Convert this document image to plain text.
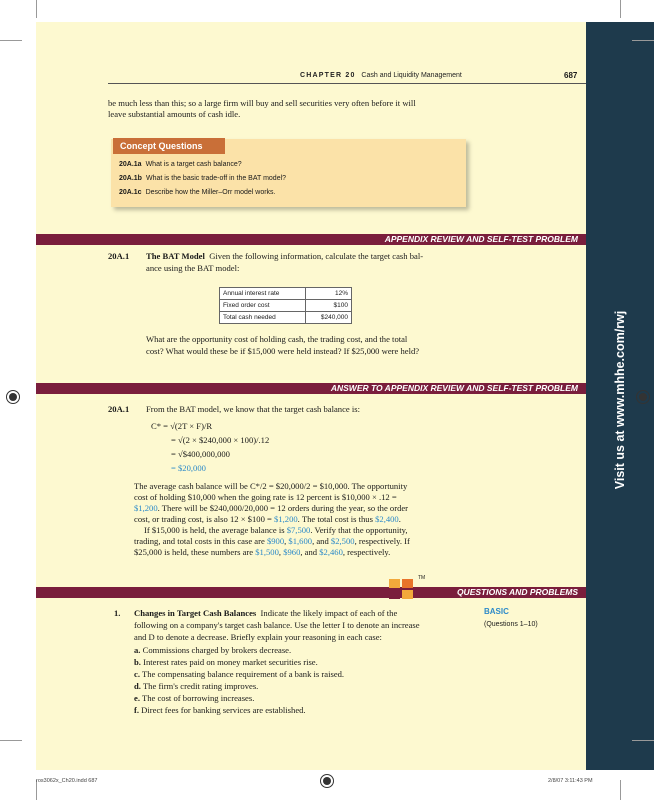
Visit us at www.mhhe.com/rwj
CHAPTER 20 Cash and Liquidity Management	687
be much less than this; so a large firm will buy and sell securities very often before it will
leave substantial amounts of cash idle.
Concept Questions
20A.1a What is a target cash balance?
20A.1b What is the basic trade-off in the BAT model?
20A.1c Describe how the Miller–Orr model works.
APPENDIX REVIEW AND SELF-TEST PROBLEM
20A.1 The BAT Model Given the following information, calculate the target cash bal-
ance using the BAT model:
Annual interest rate	12%
Fixed order cost	$100
Total cash needed	$240,000
What are the opportunity cost of holding cash, the trading cost, and the total
cost? What would these be if $15,000 were held instead? If $25,000 were held?
ANSWER TO APPENDIX REVIEW AND SELF-TEST PROBLEM
20A.1 From the BAT model, we know that the target cash balance is:
C* = √(2T × F)/R
= √(2 × $240,000 × 100)/.12
= √$400,000,000
= $20,000
The average cash balance will be C*/2 = $20,000/2 = $10,000. The opportunity
cost of holding $10,000 when the going rate is 12 percent is $10,000 × .12 =
$1,200. There will be $240,000/20,000 = 12 orders during the year, so the order
cost, or trading cost, is also 12 × $100 = $1,200. The total cost is thus $2,400.
If $15,000 is held, the average balance is $7,500. Verify that the opportunity,
trading, and total costs in this case are $900, $1,600, and $2,500, respectively. If
$25,000 is held, these numbers are $1,500, $960, and $2,460, respectively.
QUESTIONS AND PROBLEMS
TM
1. Changes in Target Cash Balances Indicate the likely impact of each of the
following on a company's target cash balance. Use the letter I to denote an increase
and D to denote a decrease. Briefly explain your reasoning in each case:
a. Commissions charged by brokers decrease.
b. Interest rates paid on money market securities rise.
c. The compensating balance requirement of a bank is raised.
d. The firm's credit rating improves.
e. The cost of borrowing increases.
f. Direct fees for banking services are established.
BASIC
(Questions 1–10)
ros3062x_Ch20.indd 687	2/8/07 3:11:43 PM
